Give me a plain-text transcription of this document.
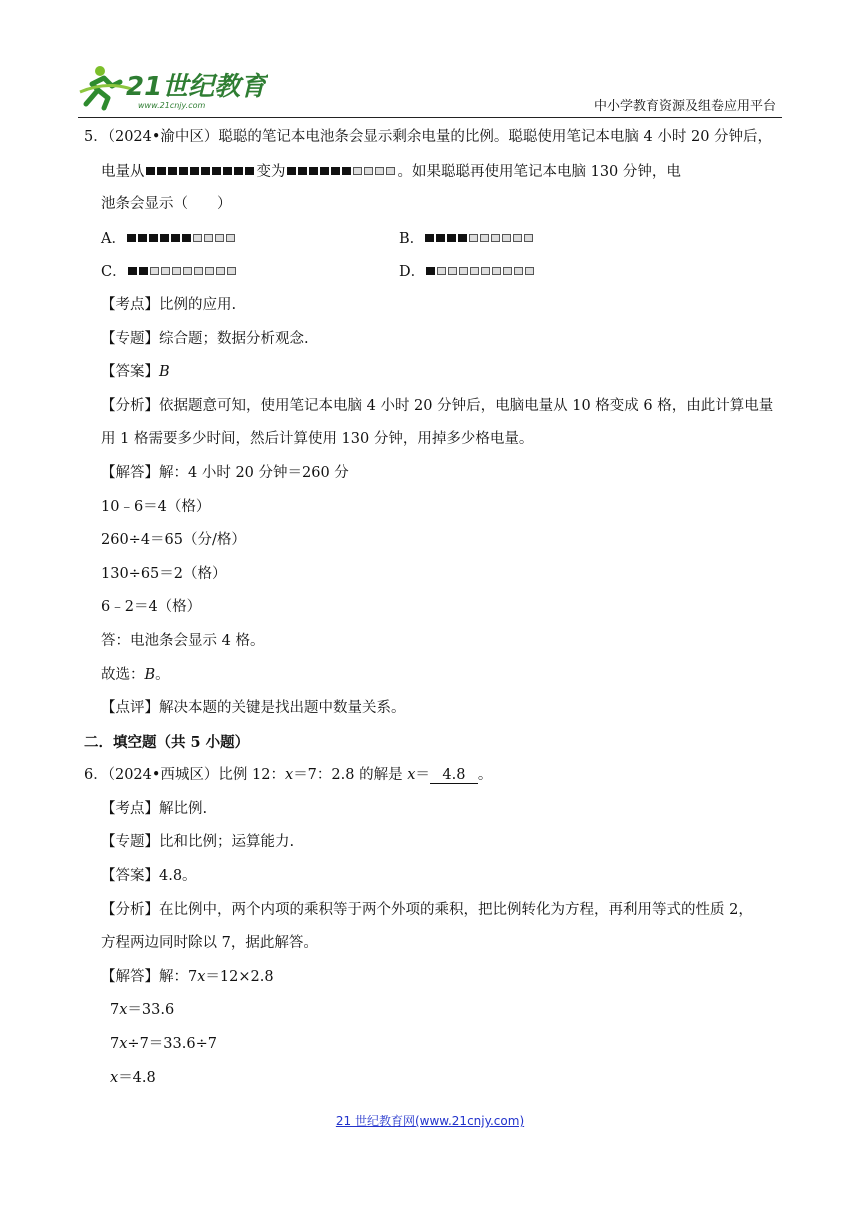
21世纪教育
www.21cnjy.com	中小学教育资源及组卷应用平台
5．（2024•渝中区）聪聪的笔记本电池条会显示剩余电量的比例。聪聪使用笔记本电脑 4 小时 20 分钟后，
电量从	变为	。如果聪聪再使用笔记本电脑 130 分钟，电
池条会显示（　　）
A．	B．
C．	D．
【考点】比例的应用.
【专题】综合题；数据分析观念.
【答案】B
【分析】依据题意可知，使用笔记本电脑 4 小时 20 分钟后，电脑电量从 10 格变成 6 格，由此计算电量
用 1 格需要多少时间，然后计算使用 130 分钟，用掉多少格电量。
【解答】解：4 小时 20 分钟＝260 分
10﹣6＝4（格）
260÷4＝65（分/格）
130÷65＝2（格）
6﹣2＝4（格）
答：电池条会显示 4 格。
故选：B。
【点评】解决本题的关键是找出题中数量关系。
二．填空题（共 5 小题）
6．（2024•西城区）比例 12：x＝7：2.8 的解是 x＝ 4.8 。
【考点】解比例.
【专题】比和比例；运算能力.
【答案】4.8。
【分析】在比例中，两个内项的乘积等于两个外项的乘积，把比例转化为方程，再利用等式的性质 2，
方程两边同时除以 7，据此解答。
【解答】解：7x＝12×2.8
7x＝33.6
7x÷7＝33.6÷7
x＝4.8
21 世纪教育网(www.21cnjy.com)
